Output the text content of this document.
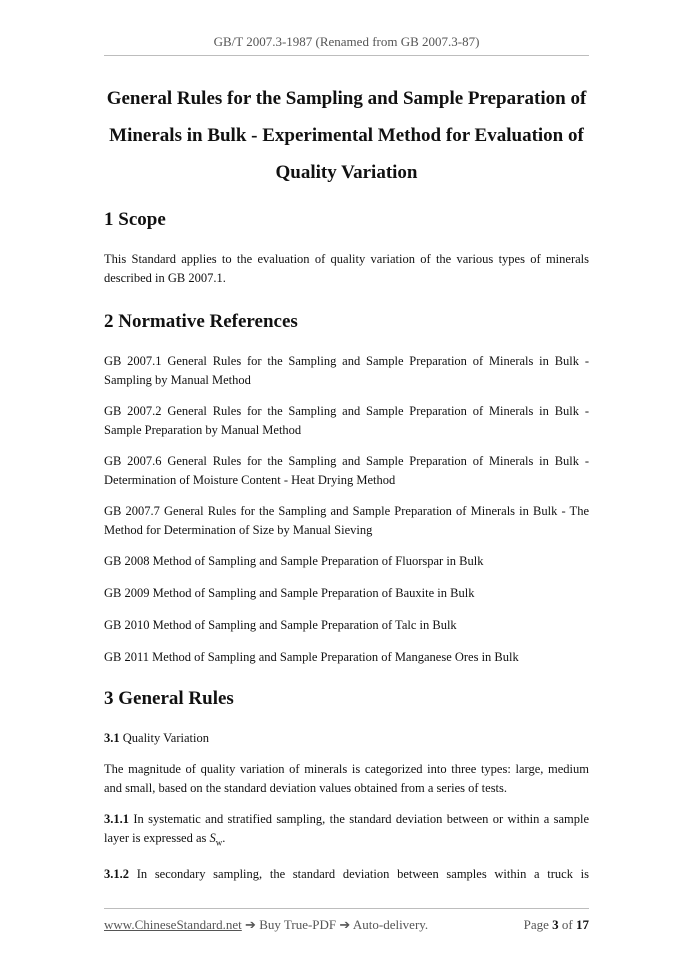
GB/T 2007.3-1987 (Renamed from GB 2007.3-87)
General Rules for the Sampling and Sample Preparation of
Minerals in Bulk - Experimental Method for Evaluation of
Quality Variation
1 Scope

This Standard applies to the evaluation of quality variation of the various types of minerals described in GB 2007.1.

2 Normative References

GB 2007.1 General Rules for the Sampling and Sample Preparation of Minerals in Bulk - Sampling by Manual Method

GB 2007.2 General Rules for the Sampling and Sample Preparation of Minerals in Bulk - Sample Preparation by Manual Method

GB 2007.6 General Rules for the Sampling and Sample Preparation of Minerals in Bulk - Determination of Moisture Content - Heat Drying Method

GB 2007.7 General Rules for the Sampling and Sample Preparation of Minerals in Bulk - The Method for Determination of Size by Manual Sieving

GB 2008 Method of Sampling and Sample Preparation of Fluorspar in Bulk

GB 2009 Method of Sampling and Sample Preparation of Bauxite in Bulk

GB 2010 Method of Sampling and Sample Preparation of Talc in Bulk

GB 2011 Method of Sampling and Sample Preparation of Manganese Ores in Bulk

3 General Rules

3.1 Quality Variation

The magnitude of quality variation of minerals is categorized into three types: large, medium and small, based on the standard deviation values obtained from a series of tests.

3.1.1 In systematic and stratified sampling, the standard deviation between or within a sample layer is expressed as $S_w$.

3.1.2 In secondary sampling, the standard deviation between samples within a truck is

www.ChineseStandard.net ➔ Buy True-PDF ➔ Auto-delivery.	Page 3 of 17
